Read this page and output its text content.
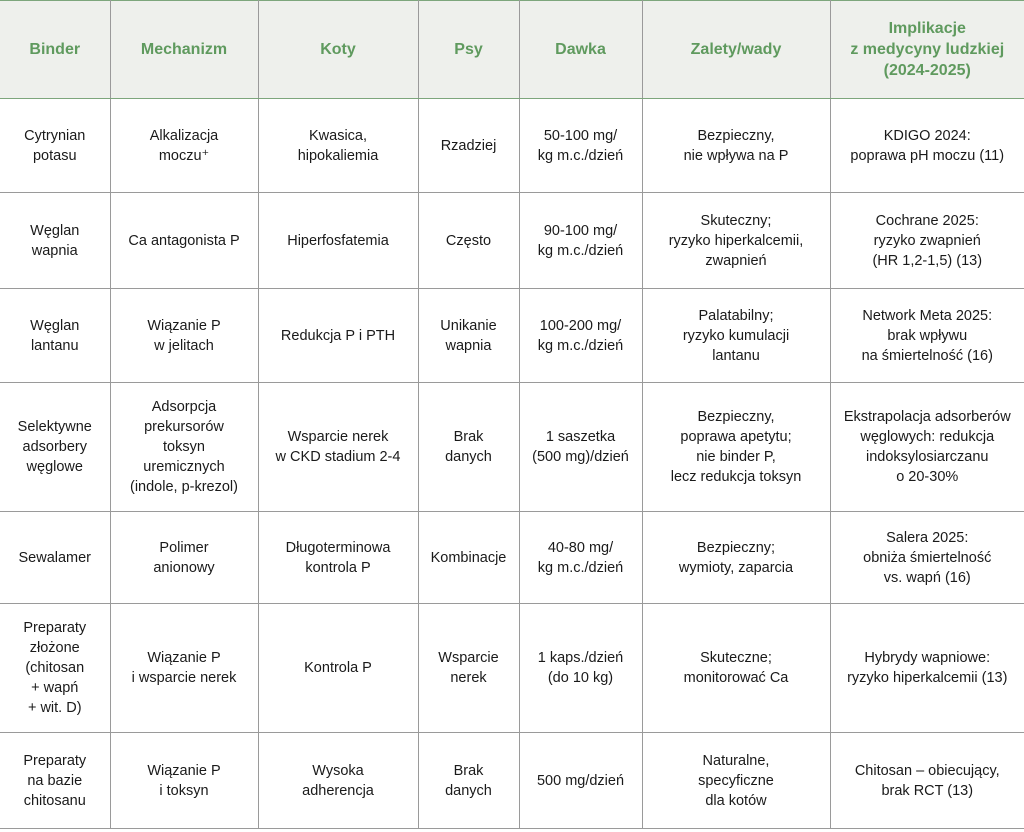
Binder	Mechanizm	Koty	Psy	Dawka	Zalety/wady	Implikacje
z medycyny ludzkiej
(2024-2025)

Cytrynian
potasu	Alkalizacja
moczu⁺	Kwasica,
hipokaliemia	Rzadziej	50-100 mg/
kg m.c./dzień	Bezpieczny,
nie wpływa na P	KDIGO 2024:
poprawa pH moczu (11)

Węglan
wapnia	Ca antagonista P	Hiperfosfatemia	Często	90-100 mg/
kg m.c./dzień	Skuteczny;
ryzyko hiperkalcemii,
zwapnień	Cochrane 2025:
ryzyko zwapnień
(HR 1,2-1,5) (13)

Węglan
lantanu	Wiązanie P
w jelitach	Redukcja P i PTH	Unikanie
wapnia	100-200 mg/
kg m.c./dzień	Palatabilny;
ryzyko kumulacji
lantanu	Network Meta 2025:
brak wpływu
na śmiertelność (16)

Selektywne
adsorbery
węglowe	Adsorpcja
prekursorów
toksyn
uremicznych
(indole, p-krezol)	Wsparcie nerek
w CKD stadium 2-4	Brak
danych	1 saszetka
(500 mg)/dzień	Bezpieczny,
poprawa apetytu;
nie binder P,
lecz redukcja toksyn	Ekstrapolacja adsorberów
węglowych: redukcja
indoksylosiarczanu
o 20-30%

Sewalamer	Polimer
anionowy	Długoterminowa
kontrola P	Kombinacje	40-80 mg/
kg m.c./dzień	Bezpieczny;
wymioty, zaparcia	Salera 2025:
obniża śmiertelność
vs. wapń (16)

Preparaty
złożone
(chitosan
+ wapń
+ wit. D)	Wiązanie P
i wsparcie nerek	Kontrola P	Wsparcie
nerek	1 kaps./dzień
(do 10 kg)	Skuteczne;
monitorować Ca	Hybrydy wapniowe:
ryzyko hiperkalcemii (13)

Preparaty
na bazie
chitosanu	Wiązanie P
i toksyn	Wysoka
adherencja	Brak
danych	500 mg/dzień	Naturalne,
specyficzne
dla kotów	Chitosan – obiecujący,
brak RCT (13)
